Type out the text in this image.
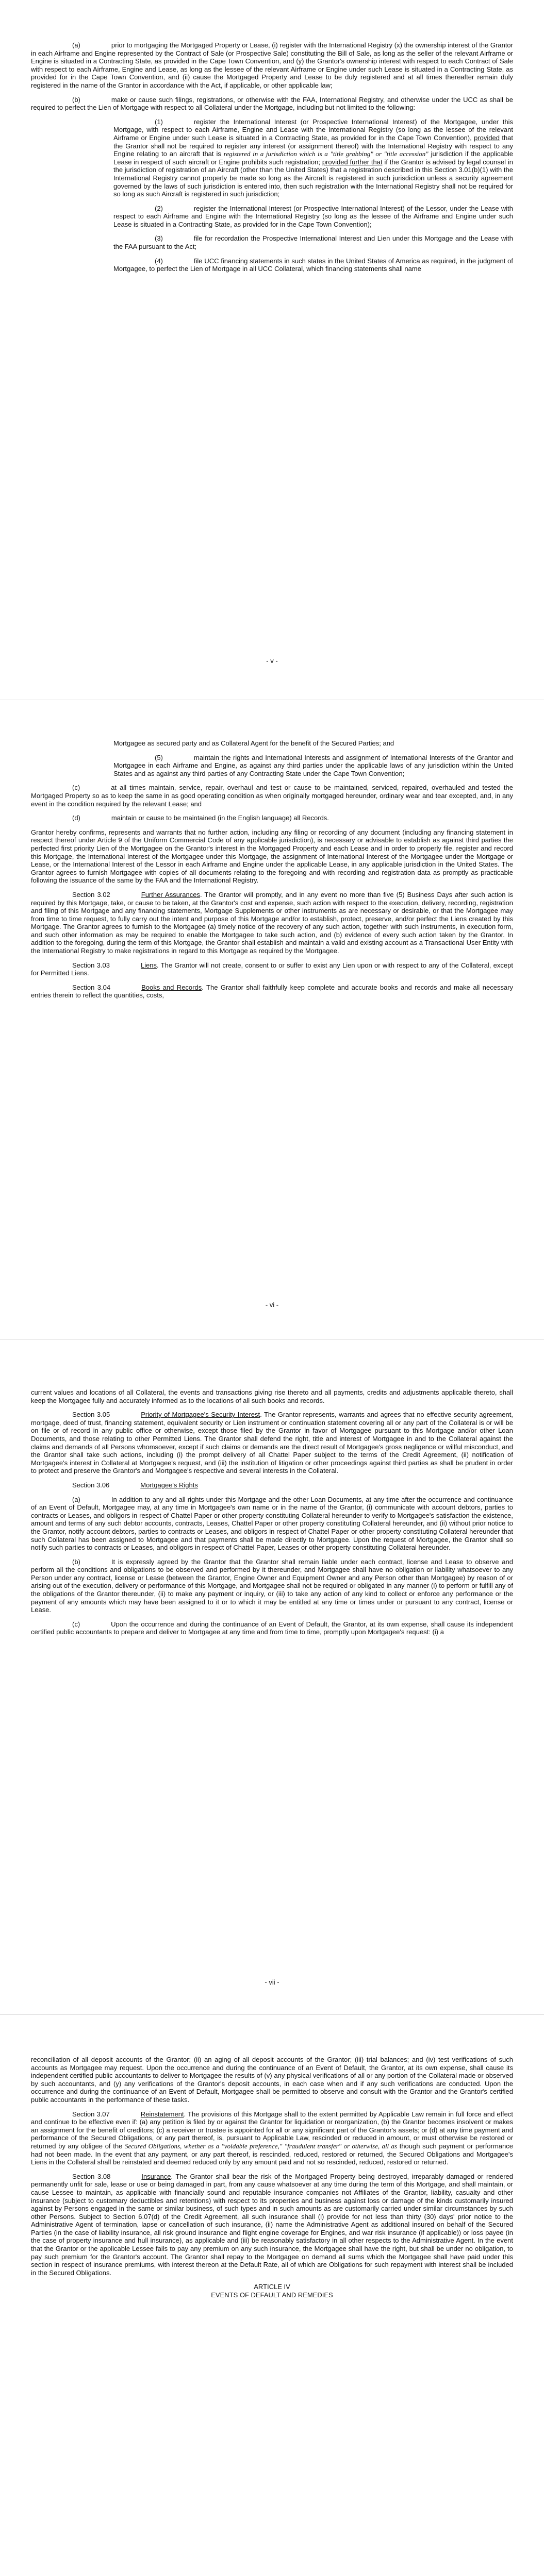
(a)	prior to mortgaging the Mortgaged Property or Lease, (i) register with the International Registry (x) the ownership interest of the Grantor in each Airframe and Engine represented by the Contract of Sale (or Prospective Sale) constituting the Bill of Sale, as long as the seller of the relevant Airframe or Engine is situated in a Contracting State, as provided in the Cape Town Convention, and (y) the Grantor's ownership interest with respect to each Contract of Sale with respect to each Airframe, Engine and Lease, as long as the lessee of the relevant Airframe or Engine under such Lease is situated in a Contracting State, as provided for in the Cape Town Convention, and (ii) cause the Mortgaged Property and Lease to be duly registered and at all times thereafter remain duly registered in the name of the Grantor in accordance with the Act, if applicable, or other applicable law;

(b)	make or cause such filings, registrations, or otherwise with the FAA, International Registry, and otherwise under the UCC as shall be required to perfect the Lien of Mortgage with respect to all Collateral under the Mortgage, including but not limited to the following:

(1)	register the International Interest (or Prospective International Interest) of the Mortgagee, under this Mortgage, with respect to each Airframe, Engine and Lease with the International Registry (so long as the lessee of the relevant Airframe or Engine under such Lease is situated in a Contracting State, as provided for in the Cape Town Convention), provided that the Grantor shall not be required to register any interest (or assignment thereof) with the International Registry with respect to any Engine relating to an aircraft that is registered in a jurisdiction which is a "title grabbing" or "title accession" jurisdiction if the applicable Lease in respect of such aircraft or Engine prohibits such registration; provided further that if the Grantor is advised by legal counsel in the jurisdiction of registration of an Aircraft (other than the United States) that a registration described in this Section 3.01(b)(1) with the International Registry cannot properly be made so long as the Aircraft is registered in such jurisdiction unless a security agreement governed by the laws of such jurisdiction is entered into, then such registration with the International Registry shall not be required for so long as such Aircraft is registered in such jurisdiction;

(2)	register the International Interest (or Prospective International Interest) of the Lessor, under the Lease with respect to each Airframe and Engine with the International Registry (so long as the lessee of the Airframe and Engine under such Lease is situated in a Contracting State, as provided for in the Cape Town Convention);

(3)	file for recordation the Prospective International Interest and Lien under this Mortgage and the Lease with the FAA pursuant to the Act;

(4)	file UCC financing statements in such states in the United States of America as required, in the judgment of Mortgagee, to perfect the Lien of Mortgage in all UCC Collateral, which financing statements shall name

- v -

Mortgagee as secured party and as Collateral Agent for the benefit of the Secured Parties; and

(5)	maintain the rights and International Interests and assignment of International Interests of the Grantor and Mortgagee in each Airframe and Engine, as against any third parties under the applicable laws of any jurisdiction within the United States and as against any third parties of any Contracting State under the Cape Town Convention;

(c)	at all times maintain, service, repair, overhaul and test or cause to be maintained, serviced, repaired, overhauled and tested the Mortgaged Property so as to keep the same in as good operating condition as when originally mortgaged hereunder, ordinary wear and tear excepted, and, in any event in the condition required by the relevant Lease; and

(d)	maintain or cause to be maintained (in the English language) all Records.

Grantor hereby confirms, represents and warrants that no further action, including any filing or recording of any document (including any financing statement in respect thereof under Article 9 of the Uniform Commercial Code of any applicable jurisdiction), is necessary or advisable to establish as against third parties the perfected first priority Lien of the Mortgagee on the Grantor's interest in the Mortgaged Property and each Lease and in order to properly file, register and record this Mortgage, the International Interest of the Mortgagee under this Mortgage, the assignment of International Interest of the Mortgagee under the Mortgage or Lease, or the International Interest of the Lessor in each Airframe and Engine under the applicable Lease, in any applicable jurisdiction in the United States. The Grantor agrees to furnish Mortgagee with copies of all documents relating to the foregoing and with recording and registration data as promptly as practicable following the issuance of the same by the FAA and the International Registry.

Section 3.02	Further Assurances. The Grantor will promptly, and in any event no more than five (5) Business Days after such action is required by this Mortgage, take, or cause to be taken, at the Grantor's cost and expense, such action with respect to the execution, delivery, recording, registration and filing of this Mortgage and any financing statements, Mortgage Supplements or other instruments as are necessary or desirable, or that the Mortgagee may from time to time request, to fully carry out the intent and purpose of this Mortgage and/or to establish, protect, preserve, and/or perfect the Liens created by this Mortgage. The Grantor agrees to furnish to the Mortgagee (a) timely notice of the recovery of any such action, together with such instruments, in execution form, and such other information as may be required to enable the Mortgagee to take such action, and (b) evidence of every such action taken by the Grantor. In addition to the foregoing, during the term of this Mortgage, the Grantor shall establish and maintain a valid and existing account as a Transactional User Entity with the International Registry to make registrations in regard to this Mortgage as required by the Mortgagee.

Section 3.03	Liens. The Grantor will not create, consent to or suffer to exist any Lien upon or with respect to any of the Collateral, except for Permitted Liens.

Section 3.04	Books and Records. The Grantor shall faithfully keep complete and accurate books and records and make all necessary entries therein to reflect the quantities, costs,

- vi -

current values and locations of all Collateral, the events and transactions giving rise thereto and all payments, credits and adjustments applicable thereto, shall keep the Mortgagee fully and accurately informed as to the locations of all such books and records.

Section 3.05	Priority of Mortgagee's Security Interest. The Grantor represents, warrants and agrees that no effective security agreement, mortgage, deed of trust, financing statement, equivalent security or Lien instrument or continuation statement covering all or any part of the Collateral is or will be on file or of record in any public office or otherwise, except those filed by the Grantor in favor of Mortgagee pursuant to this Mortgage and/or other Loan Documents, and those relating to other Permitted Liens. The Grantor shall defend the right, title and interest of Mortgagee in and to the Collateral against the claims and demands of all Persons whomsoever, except if such claims or demands are the direct result of Mortgagee's gross negligence or willful misconduct, and the Grantor shall take such actions, including (i) the prompt delivery of all Chattel Paper subject to the terms of the Credit Agreement, (ii) notification of Mortgagee's interest in Collateral at Mortgagee's request, and (iii) the institution of litigation or other proceedings against third parties as shall be prudent in order to protect and preserve the Grantor's and Mortgagee's respective and several interests in the Collateral.

Section 3.06	Mortgagee's Rights

(a)	In addition to any and all rights under this Mortgage and the other Loan Documents, at any time after the occurrence and continuance of an Event of Default, Mortgagee may, at any time in Mortgagee's own name or in the name of the Grantor, (i) communicate with account debtors, parties to contracts or Leases, and obligors in respect of Chattel Paper or other property constituting Collateral hereunder to verify to Mortgagee's satisfaction the existence, amount and terms of any such debtor accounts, contracts, Leases, Chattel Paper or other property constituting Collateral hereunder, and (ii) without prior notice to the Grantor, notify account debtors, parties to contracts or Leases, and obligors in respect of Chattel Paper or other property constituting Collateral hereunder that such Collateral has been assigned to Mortgagee and that payments shall be made directly to Mortgagee. Upon the request of Mortgagee, the Grantor shall so notify such parties to contracts or Leases, and obligors in respect of Chattel Paper, Leases or other property constituting Collateral hereunder.

(b)	It is expressly agreed by the Grantor that the Grantor shall remain liable under each contract, license and Lease to observe and perform all the conditions and obligations to be observed and performed by it thereunder, and Mortgagee shall have no obligation or liability whatsoever to any Person under any contract, license or Lease (between the Grantor, Engine Owner and Equipment Owner and any Person other than Mortgagee) by reason of or arising out of the execution, delivery or performance of this Mortgage, and Mortgagee shall not be required or obligated in any manner (i) to perform or fulfill any of the obligations of the Grantor thereunder, (ii) to make any payment or inquiry, or (iii) to take any action of any kind to collect or enforce any performance or the payment of any amounts which may have been assigned to it or to which it may be entitled at any time or times under or pursuant to any contract, license or Lease.

(c)	Upon the occurrence and during the continuance of an Event of Default, the Grantor, at its own expense, shall cause its independent certified public accountants to prepare and deliver to Mortgagee at any time and from time to time, promptly upon Mortgagee's request: (i) a

- vii -

reconciliation of all deposit accounts of the Grantor; (ii) an aging of all deposit accounts of the Grantor; (iii) trial balances; and (iv) test verifications of such accounts as Mortgagee may request. Upon the occurrence and during the continuance of an Event of Default, the Grantor, at its own expense, shall cause its independent certified public accountants to deliver to Mortgagee the results of (v) any physical verifications of all or any portion of the Collateral made or observed by such accountants, and (y) any verifications of the Grantor's deposit accounts, in each case when and if any such verifications are conducted. Upon the occurrence and during the continuance of an Event of Default, Mortgagee shall be permitted to observe and consult with the Grantor and the Grantor's certified public accountants in the performance of these tasks.

Section 3.07	Reinstatement. The provisions of this Mortgage shall to the extent permitted by Applicable Law remain in full force and effect and continue to be effective even if: (a) any petition is filed by or against the Grantor for liquidation or reorganization, (b) the Grantor becomes insolvent or makes an assignment for the benefit of creditors; (c) a receiver or trustee is appointed for all or any significant part of the Grantor's assets; or (d) at any time payment and performance of the Secured Obligations, or any part thereof, is, pursuant to Applicable Law, rescinded or reduced in amount, or must otherwise be restored or returned by any obligee of the Secured Obligations, whether as a "voidable preference," "fraudulent transfer" or otherwise, all as though such payment or performance had not been made. In the event that any payment, or any part thereof, is rescinded, reduced, restored or returned, the Secured Obligations and Mortgagee's Liens in the Collateral shall be reinstated and deemed reduced only by any amount paid and not so rescinded, reduced, restored or returned.

Section 3.08	Insurance. The Grantor shall bear the risk of the Mortgaged Property being destroyed, irreparably damaged or rendered permanently unfit for sale, lease or use or being damaged in part, from any cause whatsoever at any time during the term of this Mortgage, and shall maintain, or cause Lessee to maintain, as applicable with financially sound and reputable insurance companies not Affiliates of the Grantor, liability, casualty and other insurance (subject to customary deductibles and retentions) with respect to its properties and business against loss or damage of the kinds customarily insured against by Persons engaged in the same or similar business, of such types and in such amounts as are customarily carried under similar circumstances by such other Persons. Subject to Section 6.07(d) of the Credit Agreement, all such insurance shall (i) provide for not less than thirty (30) days' prior notice to the Administrative Agent of termination, lapse or cancellation of such insurance, (ii) name the Administrative Agent as additional insured on behalf of the Secured Parties (in the case of liability insurance, all risk ground insurance and flight engine coverage for Engines, and war risk insurance (if applicable)) or loss payee (in the case of property insurance and hull insurance), as applicable and (iii) be reasonably satisfactory in all other respects to the Administrative Agent. In the event that the Grantor or the applicable Lessee fails to pay any premium on any such insurance, the Mortgagee shall have the right, but shall be under no obligation, to pay such premium for the Grantor's account. The Grantor shall repay to the Mortgagee on demand all sums which the Mortgagee shall have paid under this section in respect of insurance premiums, with interest thereon at the Default Rate, all of which are Obligations for such repayment with interest shall be included in the Secured Obligations.

ARTICLE IV

EVENTS OF DEFAULT AND REMEDIES
